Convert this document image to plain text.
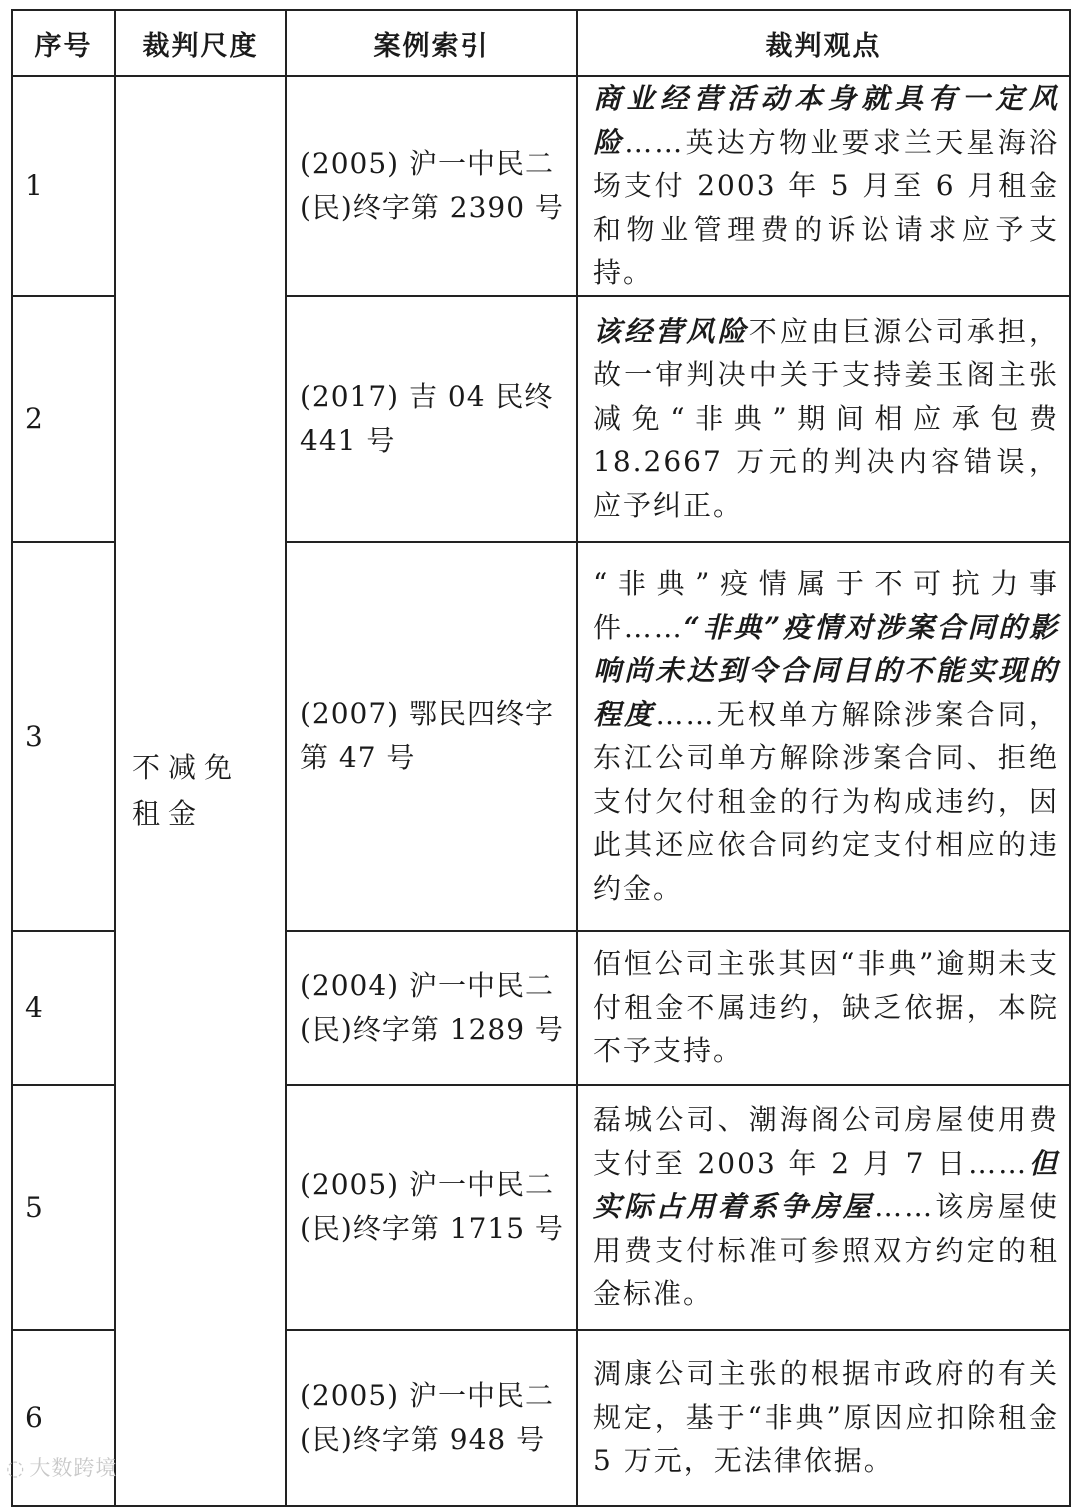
序号	裁判尺度	案例索引	裁判观点
1	不减免租金	(2005) 沪一中民二(民)终字第 2390 号	商业经营活动本身就具有一定风险……英达方物业要求兰天星海浴场支付 2003 年 5 月至 6 月租金和物业管理费的诉讼请求应予支持。
2		(2017) 吉 04 民终 441 号	该经营风险不应由巨源公司承担，故一审判决中关于支持姜玉阁主张减免“非典”期间相应承包费 18.2667 万元的判决内容错误，应予纠正。
3		(2007) 鄂民四终字第 47 号	“非典”疫情属于不可抗力事件……“非典”疫情对涉案合同的影响尚未达到令合同目的不能实现的程度……无权单方解除涉案合同，东江公司单方解除涉案合同、拒绝支付欠付租金的行为构成违约，因此其还应依合同约定支付相应的违约金。
4		(2004) 沪一中民二(民)终字第 1289 号	佰恒公司主张其因“非典”逾期未支付租金不属违约，缺乏依据，本院不予支持。
5		(2005) 沪一中民二(民)终字第 1715 号	磊城公司、潮海阁公司房屋使用费支付至 2003 年 2 月 7 日……但实际占用着系争房屋……该房屋使用费支付标准可参照双方约定的租金标准。
6		(2005) 沪一中民二(民)终字第 948 号	淍康公司主张的根据市政府的有关规定，基于“非典”原因应扣除租金 5 万元，无法律依据。
◌ 大数跨境
